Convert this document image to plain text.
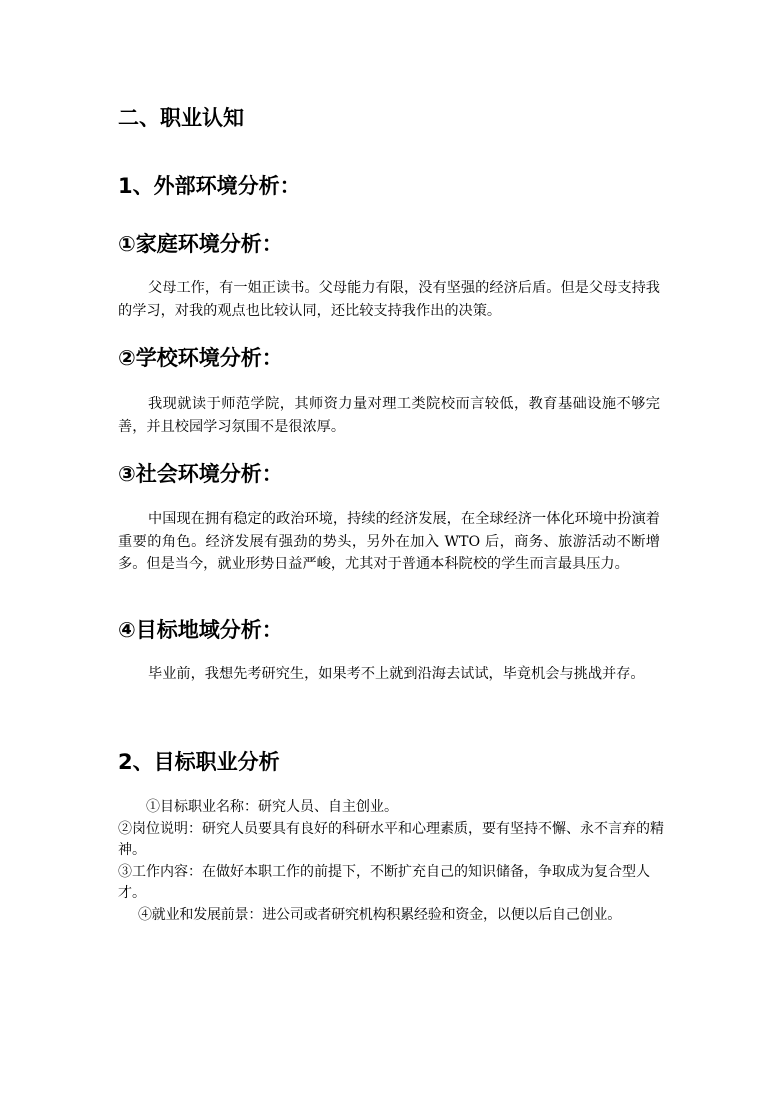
二、职业认知
1、外部环境分析：
①家庭环境分析：

父母工作，有一姐正读书。父母能力有限，没有坚强的经济后盾。但是父母支持我的学习，对我的观点也比较认同，还比较支持我作出的决策。

②学校环境分析：

我现就读于师范学院，其师资力量对理工类院校而言较低，教育基础设施不够完善，并且校园学习氛围不是很浓厚。

③社会环境分析：

中国现在拥有稳定的政治环境，持续的经济发展，在全球经济一体化环境中扮演着重要的角色。经济发展有强劲的势头，另外在加入 WTO 后，商务、旅游活动不断增多。但是当今，就业形势日益严峻，尤其对于普通本科院校的学生而言最具压力。

④目标地域分析：

毕业前，我想先考研究生，如果考不上就到沿海去试试，毕竟机会与挑战并存。

2、目标职业分析
①目标职业名称：研究人员、自主创业。
②岗位说明：研究人员要具有良好的科研水平和心理素质，要有坚持不懈、永不言弃的精神。
③工作内容：在做好本职工作的前提下，不断扩充自己的知识储备，争取成为复合型人才。
④就业和发展前景：进公司或者研究机构积累经验和资金，以便以后自己创业。
